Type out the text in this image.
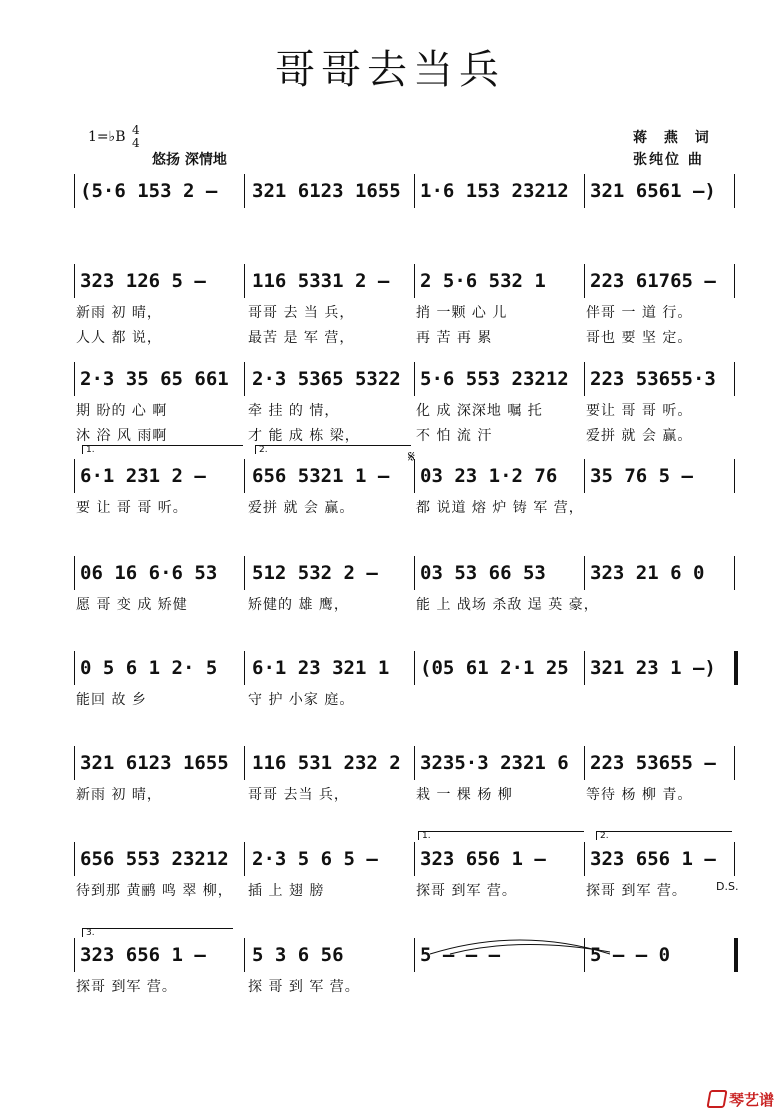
哥哥去当兵
1=♭B 4
4
悠扬 深情地
蒋 燕 词
张纯位 曲
(5·6 153 2 – 321 6123 1655 1·6 153 23212 321 6561 –)
323 126 5 – 116 5331 2 – 2 5·6 532 1 223 61765 –
新雨 初 晴，	哥哥 去 当 兵，	捎 一颗 心 儿	伴哥 一 道 行。
人人 都 说，	最苦 是 军 营，	再 苦 再 累	哥也 要 坚 定。
2·3 35 65 661 2·3 5365 5322 5·6 553 23212 223 53655·3
期 盼的 心 啊	牵 挂 的 情，	化 成 深深地 嘱 托	要让 哥 哥 听。
沐 浴 风 雨啊	才 能 成 栋 梁，	不 怕 流 汗	爱拼 就 会 赢。
6·1 231 2 – 656 5321 1 – 03 23 1·2 76 35 76 5 –
要 让 哥 哥 听。	爱拼 就 会 赢。	都 说道 熔 炉 铸 军 营，
06 16 6·6 53 512 532 2 – 03 53 66 53 323 21 6 0
愿 哥 变 成 矫健	矫健的 雄 鹰，	能 上 战场 杀敌 逞 英 豪，
0 5 6 1 2· 5 6·1 23 321 1 (05 61 2·1 25 321 23 1 –)
能回 故 乡	守 护 小家 庭。
321 6123 1655 116 531 232 2 3235·3 2321 6 223 53655 –
新雨 初 晴，	哥哥 去当 兵，	栽 一 棵 杨 柳	等待 杨 柳 青。
656 553 23212 2·3 5 6 5 – 323 656 1 – 323 656 1 –
待到那 黄鹂 鸣 翠 柳， 插 上 翅 膀	探哥 到军 营。	探哥 到军 营。
323 656 1 – 5 3 6 56	5 – – –	5 – – 0
探哥 到军 营。	探 哥 到 军 营。
1.	2.	𝄋
1.	2.
3.
D.S.
琴艺谱
